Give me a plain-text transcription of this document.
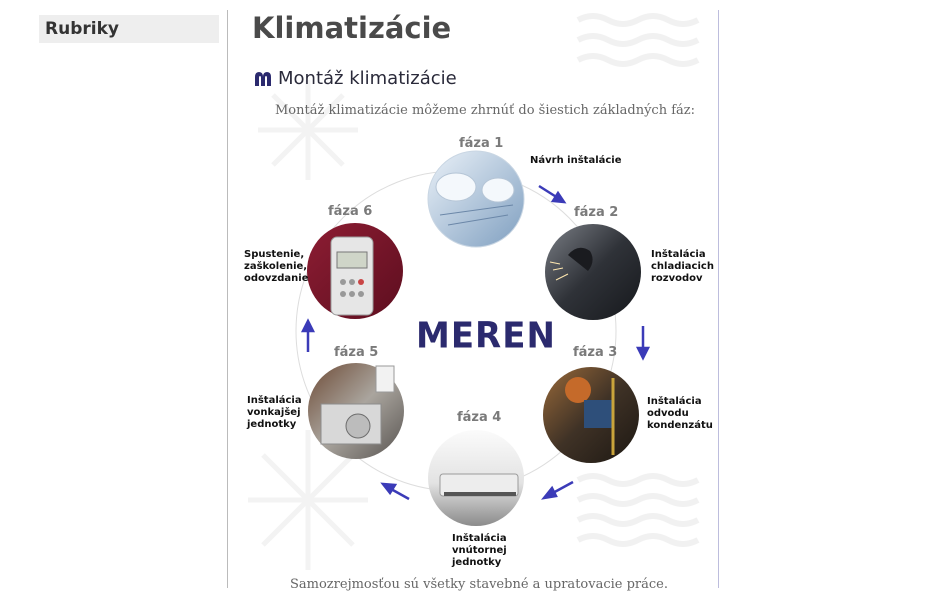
Rubriky	Klimatizácie
Montáž klimatizácie
Montáž klimatizácie môžeme zhrnúť do šiestich základných fáz:
fáza 1
fáza 2
fáza 3
fáza 4
fáza 5
fáza 6
Návrh inštalácie
Inštalácia
chladiacich
rozvodov
Inštalácia
odvodu
kondenzátu
Inštalácia
vnútornej
jednotky
Inštalácia
vonkajšej
jednotky
Spustenie,
zaškolenie,
odovzdanie
MEREN
Samozrejmosťou sú všetky stavebné a upratovacie práce.
